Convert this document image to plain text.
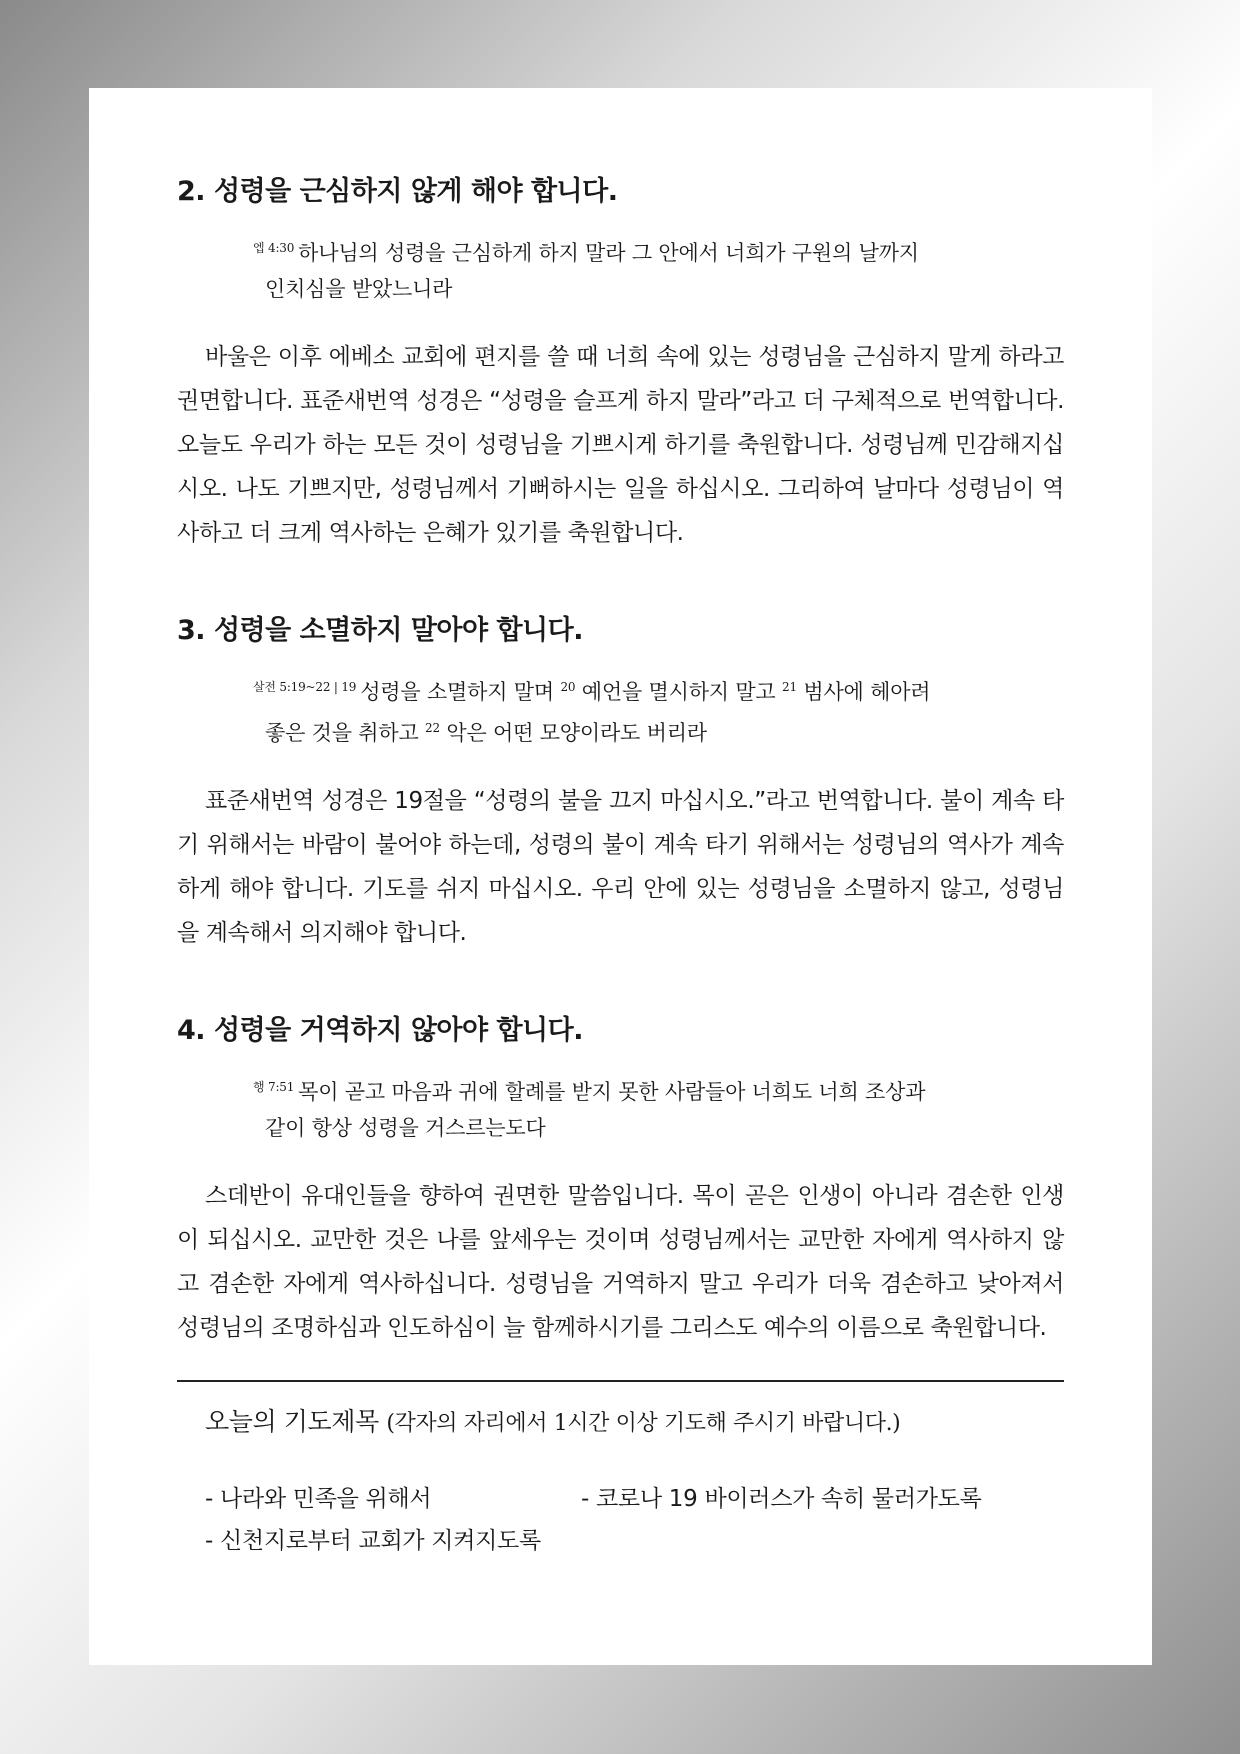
2. 성령을 근심하지 않게 해야 합니다.
$^{엡 4:30}$ 하나님의 성령을 근심하게 하지 말라 그 안에서 너희가 구원의 날까지
인치심을 받았느니라

바울은 이후 에베소 교회에 편지를 쓸 때 너희 속에 있는 성령님을 근심하지 말게 하라고 권면합니다. 표준새번역 성경은 “성령을 슬프게 하지 말라”라고 더 구체적으로 번역합니다. 오늘도 우리가 하는 모든 것이 성령님을 기쁘시게 하기를 축원합니다. 성령님께 민감해지십시오. 나도 기쁘지만, 성령님께서 기뻐하시는 일을 하십시오. 그리하여 날마다 성령님이 역사하고 더 크게 역사하는 은혜가 있기를 축원합니다.

3. 성령을 소멸하지 말아야 합니다.
$^{살전 5:19\sim 22 | 19}$ 성령을 소멸하지 말며 $^{20}$ 예언을 멸시하지 말고 $^{21}$ 범사에 헤아려
좋은 것을 취하고 $^{22}$ 악은 어떤 모양이라도 버리라

표준새번역 성경은 19절을 “성령의 불을 끄지 마십시오.”라고 번역합니다. 불이 계속 타기 위해서는 바람이 불어야 하는데, 성령의 불이 계속 타기 위해서는 성령님의 역사가 계속하게 해야 합니다. 기도를 쉬지 마십시오. 우리 안에 있는 성령님을 소멸하지 않고, 성령님을 계속해서 의지해야 합니다.

4. 성령을 거역하지 않아야 합니다.
$^{행 7:51}$ 목이 곧고 마음과 귀에 할례를 받지 못한 사람들아 너희도 너희 조상과
같이 항상 성령을 거스르는도다

스데반이 유대인들을 향하여 권면한 말씀입니다. 목이 곧은 인생이 아니라 겸손한 인생이 되십시오. 교만한 것은 나를 앞세우는 것이며 성령님께서는 교만한 자에게 역사하지 않고 겸손한 자에게 역사하십니다. 성령님을 거역하지 말고 우리가 더욱 겸손하고 낮아져서 성령님의 조명하심과 인도하심이 늘 함께하시기를 그리스도 예수의 이름으로 축원합니다.

오늘의 기도제목 (각자의 자리에서 1시간 이상 기도해 주시기 바랍니다.)
- 나라와 민족을 위해서	- 코로나 19 바이러스가 속히 물러가도록
- 신천지로부터 교회가 지켜지도록
